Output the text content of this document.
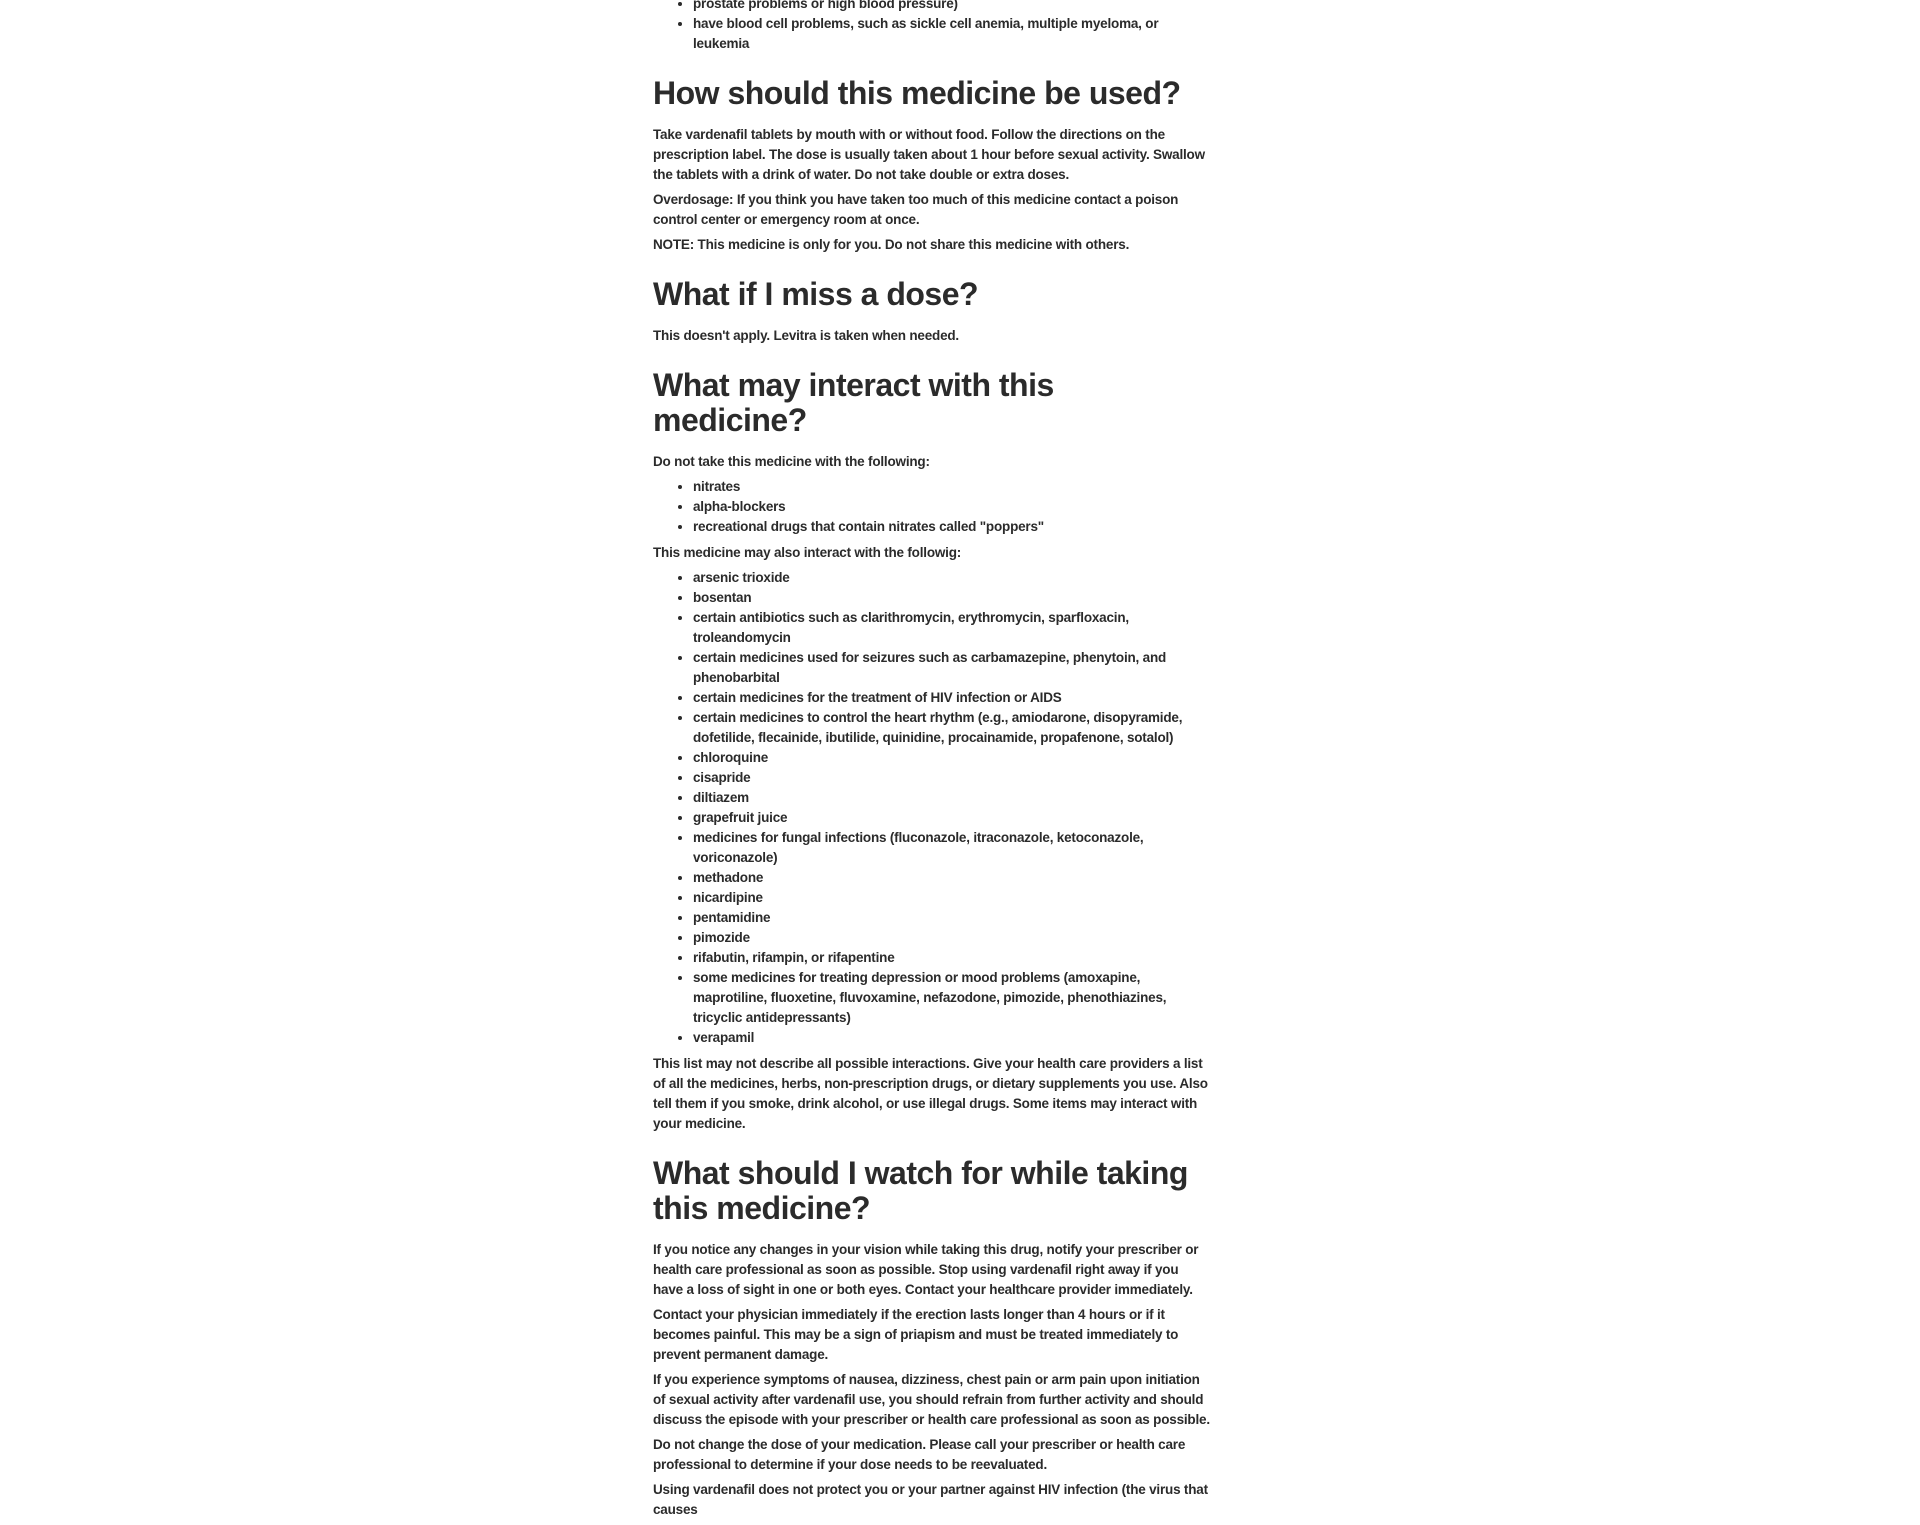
• prostate problems or high blood pressure)
• have blood cell problems, such as sickle cell anemia, multiple myeloma, or leukemia
How should this medicine be used?

Take vardenafil tablets by mouth with or without food. Follow the directions on the prescription label. The dose is usually taken about 1 hour before sexual activity. Swallow the tablets with a drink of water. Do not take double or extra doses.

Overdosage: If you think you have taken too much of this medicine contact a poison control center or emergency room at once.

NOTE: This medicine is only for you. Do not share this medicine with others.

What if I miss a dose?

This doesn't apply. Levitra is taken when needed.

What may interact with this medicine?

Do not take this medicine with the following:

• nitrates
• alpha-blockers
• recreational drugs that contain nitrates called "poppers"

This medicine may also interact with the followig:

• arsenic trioxide
• bosentan
• certain antibiotics such as clarithromycin, erythromycin, sparfloxacin, troleandomycin
• certain medicines used for seizures such as carbamazepine, phenytoin, and phenobarbital
• certain medicines for the treatment of HIV infection or AIDS
• certain medicines to control the heart rhythm (e.g., amiodarone, disopyramide, dofetilide, flecainide, ibutilide, quinidine, procainamide, propafenone, sotalol)
• chloroquine
• cisapride
• diltiazem
• grapefruit juice
• medicines for fungal infections (fluconazole, itraconazole, ketoconazole, voriconazole)
• methadone
• nicardipine
• pentamidine
• pimozide
• rifabutin, rifampin, or rifapentine
• some medicines for treating depression or mood problems (amoxapine, maprotiline, fluoxetine, fluvoxamine, nefazodone, pimozide, phenothiazines, tricyclic antidepressants)
• verapamil

This list may not describe all possible interactions. Give your health care providers a list of all the medicines, herbs, non-prescription drugs, or dietary supplements you use. Also tell them if you smoke, drink alcohol, or use illegal drugs. Some items may interact with your medicine.

What should I watch for while taking this medicine?

If you notice any changes in your vision while taking this drug, notify your prescriber or health care professional as soon as possible. Stop using vardenafil right away if you have a loss of sight in one or both eyes. Contact your healthcare provider immediately.

Contact your physician immediately if the erection lasts longer than 4 hours or if it becomes painful. This may be a sign of priapism and must be treated immediately to prevent permanent damage.

If you experience symptoms of nausea, dizziness, chest pain or arm pain upon initiation of sexual activity after vardenafil use, you should refrain from further activity and should discuss the episode with your prescriber or health care professional as soon as possible.

Do not change the dose of your medication. Please call your prescriber or health care professional to determine if your dose needs to be reevaluated.

Using vardenafil does not protect you or your partner against HIV infection (the virus that causes
